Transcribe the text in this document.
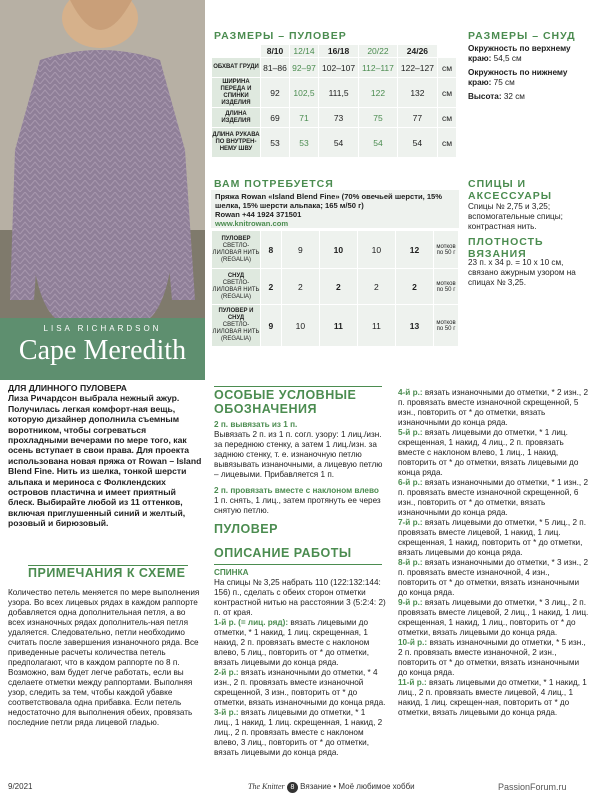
LISA RICHARDSON
Cape Meredith
РАЗМЕРЫ – ПУЛОВЕР
	8/10	12/14	16/18	20/22	24/26	
ОБХВАТ ГРУДИ	81–86	92–97	102–107	112–117	122–127	см
ШИРИНА ПЕРЕДА И СПИНКИ ИЗДЕЛИЯ	92	102,5	111,5	122	132	см
ДЛИНА ИЗДЕЛИЯ	69	71	73	75	77	см
ДЛИНА РУКАВА ПО ВНУТРЕН-НЕМУ ШВУ	53	53	54	54	54	см
РАЗМЕРЫ – СНУД
Окружность по верхнему краю: 54,5 см
Окружность по нижнему краю: 75 см
Высота: 32 см
ВАМ ПОТРЕБУЕТСЯ
Пряжа Rowan «Island Blend Fine» (70% овечьей шерсти, 15% шелка, 15% шерсти альпака; 165 м/50 г)
Rowan +44 1924 371501
www.knitrowan.com
ПУЛОВЕР
СВЕТЛО-ЛИЛОВАЯ НИТЬ (REGALIA)	8	9	10	10	12	мотков по 50 г
СНУД
СВЕТЛО-ЛИЛОВАЯ НИТЬ (REGALIA)	2	2	2	2	2	мотков по 50 г
ПУЛОВЕР И СНУД
СВЕТЛО-ЛИЛОВАЯ НИТЬ (REGALIA)	9	10	11	11	13	мотков по 50 г
СПИЦЫ И АКСЕССУАРЫ
Спицы № 2,75 и 3,25; вспомогательные спицы; контрастная нить.
ПЛОТНОСТЬ ВЯЗАНИЯ
23 п. х 34 р. = 10 х 10 см, связано ажурным узором на спицах № 3,25.
ДЛЯ ДЛИННОГО ПУЛОВЕРА
Лиза Ричардсон выбрала нежный ажур. Получилась легкая комфорт-ная вещь, которую дизайнер дополнила съемным воротником, чтобы согреваться прохладными вечерами по мере того, как осень вступает в свои права. Для проекта использована новая пряжа от Rowan – Island Blend Fine. Нить из шелка, тонкой шерсти альпака и мериноса с Фолклендских островов пластична и имеет приятный блеск. Выбирайте любой из 11 оттенков, включая приглушенный синий и желтый, розовый и бирюзовый.
ПРИМЕЧАНИЯ К СХЕМЕ
Количество петель меняется по мере выполнения узора. Во всех лицевых рядах в каждом раппорте добавляется одна дополнительная петля, а во всех изнаночных рядах дополнитель-ная петля удаляется. Следовательно, петли необходимо считать после завершения изнаночного ряда. Все приведенные расчеты количества петель предполагают, что в каждом раппорте по 8 п. Возможно, вам будет легче работать, если вы сделаете отметки между раппортами. Выполняя узор, следить за тем, чтобы каждой убавке соответствовала одна прибавка. Если петель недостаточно для выполнения обеих, провязать последние петли ряда лицевой гладью.
ОСОБЫЕ УСЛОВНЫЕ ОБОЗНАЧЕНИЯ
2 п. вывязать из 1 п.
Вывязать 2 п. из 1 п. согл. узору: 1 лиц./изн. за переднюю стенку, а затем 1 лиц./изн. за заднюю стенку, т. е. изнаночную петлю вывязывать изнаночными, а лицевую петлю – лицевыми. Прибавляется 1 п.
2 п. провязать вместе с наклоном влево
1 п. снять, 1 лиц., затем протянуть ее через снятую петлю.
ПУЛОВЕР
ОПИСАНИЕ РАБОТЫ
СПИНКА
На спицы № 3,25 набрать 110 (122:132:144: 156) п., сделать с обеих сторон отметки контрастной нитью на расстоянии 3 (5:2:4: 2) п. от края.
1-й р. (= лиц. ряд): вязать лицевыми до отметки, * 1 накид, 1 лиц. скрещенная, 1 накид, 2 п. провязать вместе с наклоном влево, 5 лиц., повторить от * до отметки, вязать лицевыми до конца ряда.
2-й р.: вязать изнаночными до отметки, * 4 изн., 2 п. провязать вместе изнаночной скрещенной, 3 изн., повторить от * до отметки, вязать изнаночными до конца ряда.
3-й р.: вязать лицевыми до отметки, * 1 лиц., 1 накид, 1 лиц. скрещенная, 1 накид, 2 лиц., 2 п. провязать вместе с наклоном влево, 3 лиц., повторить от * до отметки, вязать лицевыми до конца ряда.
4-й р.: вязать изнаночными до отметки, * 2 изн., 2 п. провязать вместе изнаночной скрещенной, 5 изн., повторить от * до отметки, вязать изнаночными до конца ряда.
5-й р.: вязать лицевыми до отметки, * 1 лиц. скрещенная, 1 накид, 4 лиц., 2 п. провязать вместе с наклоном влево, 1 лиц., 1 накид, повторить от * до отметки, вязать лицевыми до конца ряда.
6-й р.: вязать изнаночными до отметки, * 1 изн., 2 п. провязать вместе изнаночной скрещенной, 6 изн., повторить от * до отметки, вязать изнаночными до конца ряда.
7-й р.: вязать лицевыми до отметки, * 5 лиц., 2 п. провязать вместе лицевой, 1 накид, 1 лиц. скрещенная, 1 накид, повторить от * до отметки, вязать лицевыми до конца ряда.
8-й р.: вязать изнаночными до отметки, * 3 изн., 2 п. провязать вместе изнаночной, 4 изн., повторить от * до отметки, вязать изнаночными до конца ряда.
9-й р.: вязать лицевыми до отметки, * 3 лиц., 2 п. провязать вместе лицевой, 2 лиц., 1 накид, 1 лиц. скрещенная, 1 накид, 1 лиц., повторить от * до отметки, вязать лицевыми до конца ряда.
10-й р.: вязать изнаночными до отметки, * 5 изн., 2 п. провязать вместе изнаночной, 2 изн., повторить от * до отметки, вязать изнаночными до конца ряда.
11-й р.: вязать лицевыми до отметки, * 1 накид, 1 лиц., 2 п. провязать вместе лицевой, 4 лиц., 1 накид, 1 лиц. скрещен-ная, повторить от * до отметки, вязать лицевыми до конца ряда.
9/2021	The Knitter 8 Вязание • Моё любимое хобби	PassionForum.ru
